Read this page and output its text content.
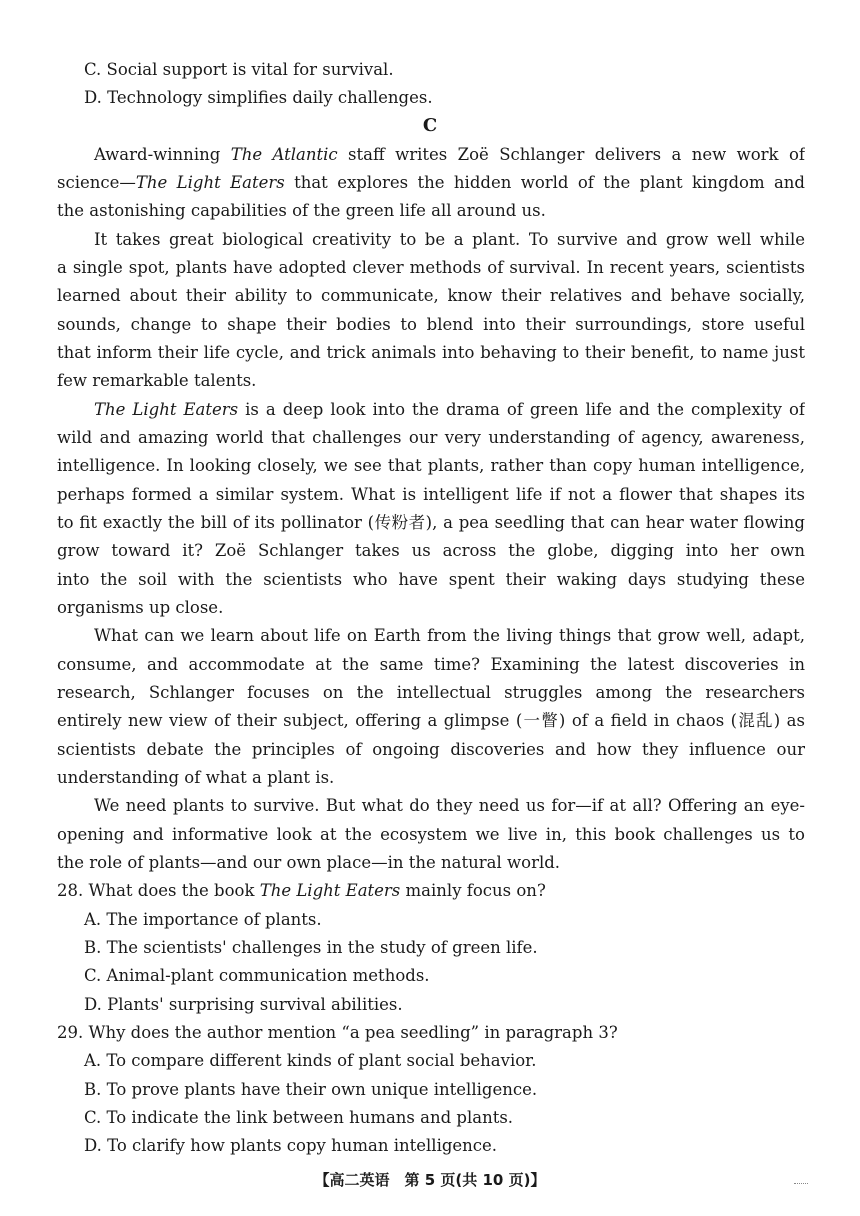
C. Social support is vital for survival.
D. Technology simplifies daily challenges.
C
Award-winning The Atlantic staff writes Zoë Schlanger delivers a new work of
science—The Light Eaters that explores the hidden world of the plant kingdom and
the astonishing capabilities of the green life all around us.
It takes great biological creativity to be a plant. To survive and grow well while
a single spot, plants have adopted clever methods of survival. In recent years, scientists
learned about their ability to communicate, know their relatives and behave socially,
sounds, change to shape their bodies to blend into their surroundings, store useful
that inform their life cycle, and trick animals into behaving to their benefit, to name just
few remarkable talents.
The Light Eaters is a deep look into the drama of green life and the complexity of
wild and amazing world that challenges our very understanding of agency, awareness,
intelligence. In looking closely, we see that plants, rather than copy human intelligence,
perhaps formed a similar system. What is intelligent life if not a flower that shapes its
to fit exactly the bill of its pollinator (传粉者), a pea seedling that can hear water flowing
grow toward it? Zoë Schlanger takes us across the globe, digging into her own
into the soil with the scientists who have spent their waking days studying these
organisms up close.
What can we learn about life on Earth from the living things that grow well, adapt,
consume, and accommodate at the same time? Examining the latest discoveries in
research, Schlanger focuses on the intellectual struggles among the researchers
entirely new view of their subject, offering a glimpse (一瞥) of a field in chaos (混乱) as
scientists debate the principles of ongoing discoveries and how they influence our
understanding of what a plant is.
We need plants to survive. But what do they need us for—if at all? Offering an eye-
opening and informative look at the ecosystem we live in, this book challenges us to
the role of plants—and our own place—in the natural world.
28. What does the book The Light Eaters mainly focus on?
A. The importance of plants.
B. The scientists' challenges in the study of green life.
C. Animal-plant communication methods.
D. Plants' surprising survival abilities.
29. Why does the author mention “a pea seedling” in paragraph 3?
A. To compare different kinds of plant social behavior.
B. To prove plants have their own unique intelligence.
C. To indicate the link between humans and plants.
D. To clarify how plants copy human intelligence.
【高二英语　第 5 页(共 10 页)】
